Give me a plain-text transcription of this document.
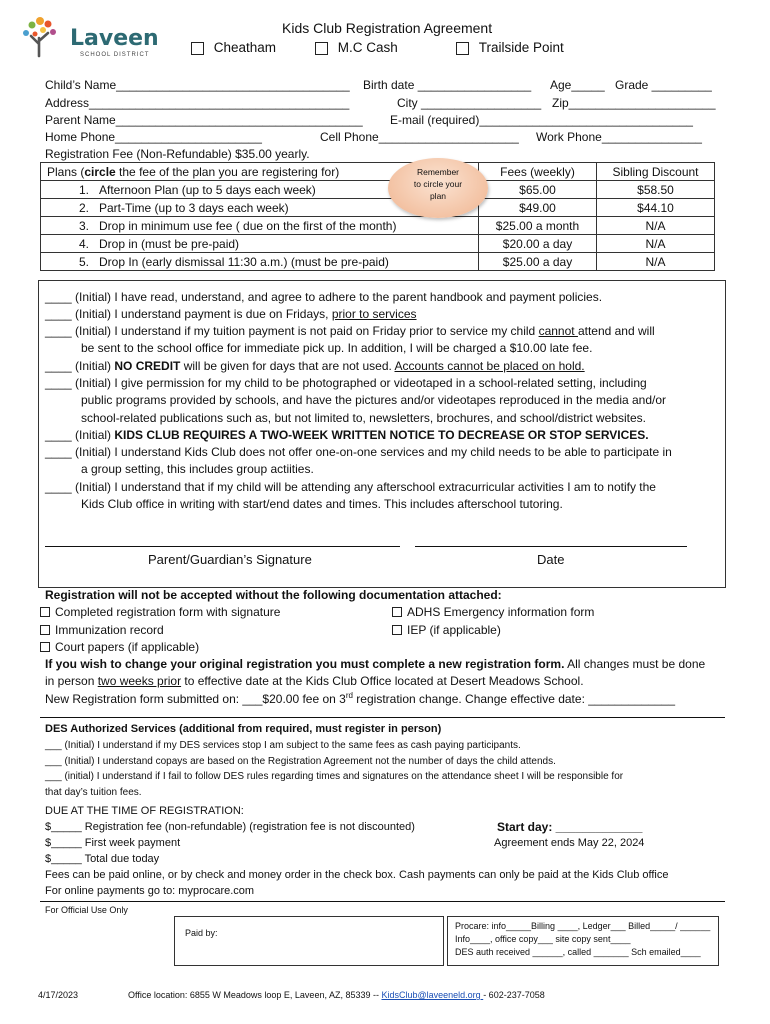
Laveen
SCHOOL DISTRICT
Kids Club Registration Agreement
Cheatham	M.C Cash	Trailside Point
Child’s Name___________________________________ Birth date _________________ Age_____ Grade _________
Address_______________________________________	City __________________ Zip______________________
Parent Name_____________________________________ E-mail (required)________________________________
Home Phone______________________	Cell Phone_____________________ Work Phone_______________
Registration Fee (Non-Refundable) $35.00 yearly.
Plans (circle the fee of the plan you are registering for)	Fees (weekly)	Sibling Discount
1. Afternoon Plan (up to 5 days each week)	$65.00	$58.50
2. Part-Time (up to 3 days each week)	$49.00	$44.10
3. Drop in minimum use fee ( due on the first of the month)	$25.00 a month	N/A
4. Drop in (must be pre-paid)	$20.00 a day	N/A
5. Drop In (early dismissal 11:30 a.m.) (must be pre-paid)	$25.00 a day	N/A
Remember
to circle your
plan
____ (Initial) I have read, understand, and agree to adhere to the parent handbook and payment policies.
____ (Initial) I understand payment is due on Fridays, prior to services
____ (Initial) I understand if my tuition payment is not paid on Friday prior to service my child cannot attend and will
be sent to the school office for immediate pick up. In addition, I will be charged a $10.00 late fee.
____ (Initial) NO CREDIT will be given for days that are not used. Accounts cannot be placed on hold.
____ (Initial) I give permission for my child to be photographed or videotaped in a school-related setting, including
public programs provided by schools, and have the pictures and/or videotapes reproduced in the media and/or
school-related publications such as, but not limited to, newsletters, brochures, and school/district websites.
____ (Initial) KIDS CLUB REQUIRES A TWO-WEEK WRITTEN NOTICE TO DECREASE OR STOP SERVICES.
____ (Initial) I understand Kids Club does not offer one-on-one services and my child needs to be able to participate in
a group setting, this includes group actiities.
____ (Initial) I understand that if my child will be attending any afterschool extracurricular activities I am to notify the
Kids Club office in writing with start/end dates and times. This includes afterschool tutoring.
Parent/Guardian’s Signature	Date
Registration will not be accepted without the following documentation attached:
Completed registration form with signature	ADHS Emergency information form
Immunization record	IEP (if applicable)
Court papers (if applicable)
If you wish to change your original registration you must complete a new registration form. All changes must be done
in person two weeks prior to effective date at the Kids Club Office located at Desert Meadows School.
New Registration form submitted on: ___$20.00 fee on 3rd registration change. Change effective date: _____________
DES Authorized Services (additional from required, must register in person)
___ (Initial) I understand if my DES services stop I am subject to the same fees as cash paying participants.
___ (Initial) I understand copays are based on the Registration Agreement not the number of days the child attends.
___ (initial) I understand if I fail to follow DES rules regarding times and signatures on the attendance sheet I will be responsible for
that day’s tuition fees.
DUE AT THE TIME OF REGISTRATION:
$_____ Registration fee (non-refundable) (registration fee is not discounted)
$_____ First week payment
$_____ Total due today
Start day: _____________
Agreement ends May 22, 2024
Fees can be paid online, or by check and money order in the check box. Cash payments can only be paid at the Kids Club office
For online payments go to: myprocare.com
For Official Use Only
Paid by:
Procare: info_____Billing ____, Ledger___ Billed_____/ ______
Info____, office copy___ site copy sent____
DES auth received ______, called _______ Sch emailed____
4/17/2023	Office location: 6855 W Meadows loop E, Laveen, AZ, 85339 -- KidsClub@laveeneld.org - 602-237-7058
